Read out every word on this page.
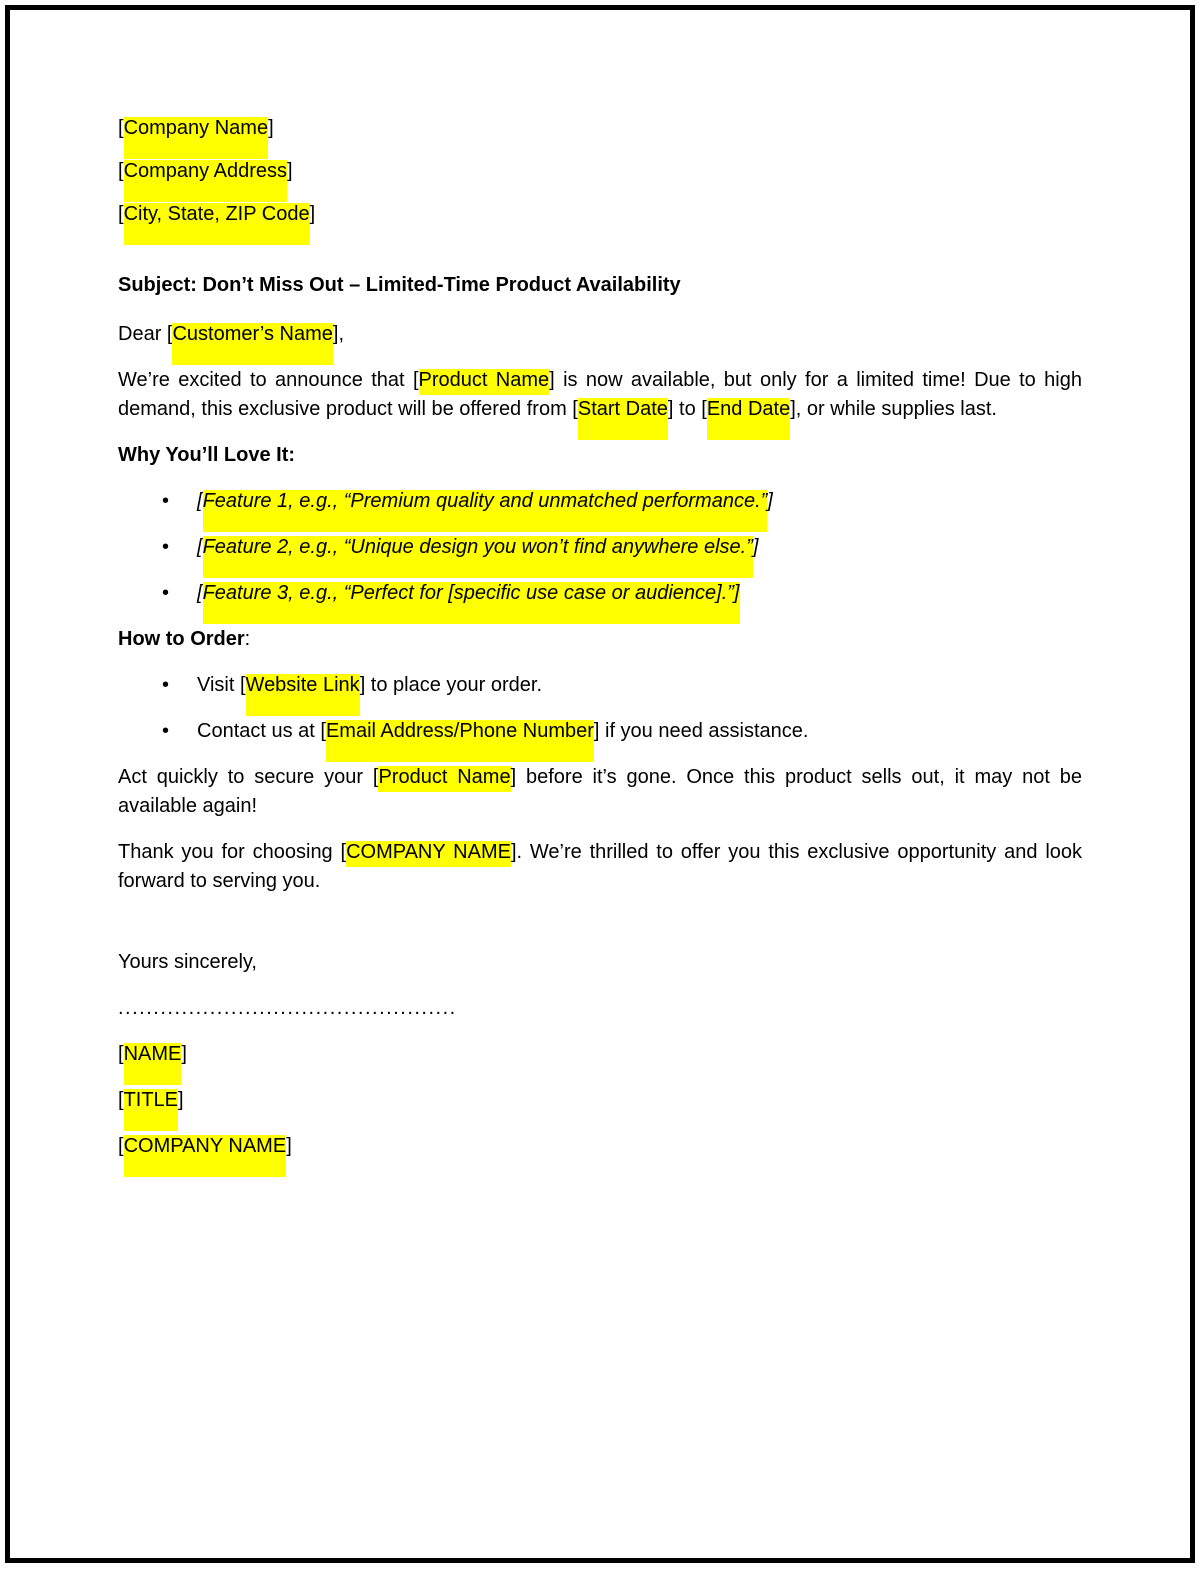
[Company Name]

[Company Address]

[City, State, ZIP Code]

Subject: Don’t Miss Out – Limited-Time Product Availability

Dear [Customer’s Name],

We’re excited to announce that [Product Name] is now available, but only for a limited time! Due to high demand, this exclusive product will be offered from [Start Date] to [End Date], or while supplies last.

Why You’ll Love It:

•	[Feature 1, e.g., “Premium quality and unmatched performance.”]
•	[Feature 2, e.g., “Unique design you won’t find anywhere else.”]
•	[Feature 3, e.g., “Perfect for [specific use case or audience].”]

How to Order:

•	Visit [Website Link] to place your order.
•	Contact us at [Email Address/Phone Number] if you need assistance.

Act quickly to secure your [Product Name] before it’s gone. Once this product sells out, it may not be available again!

Thank you for choosing [COMPANY NAME]. We’re thrilled to offer you this exclusive opportunity and look forward to serving you.

Yours sincerely,

................................................

[NAME]

[TITLE]

[COMPANY NAME]
